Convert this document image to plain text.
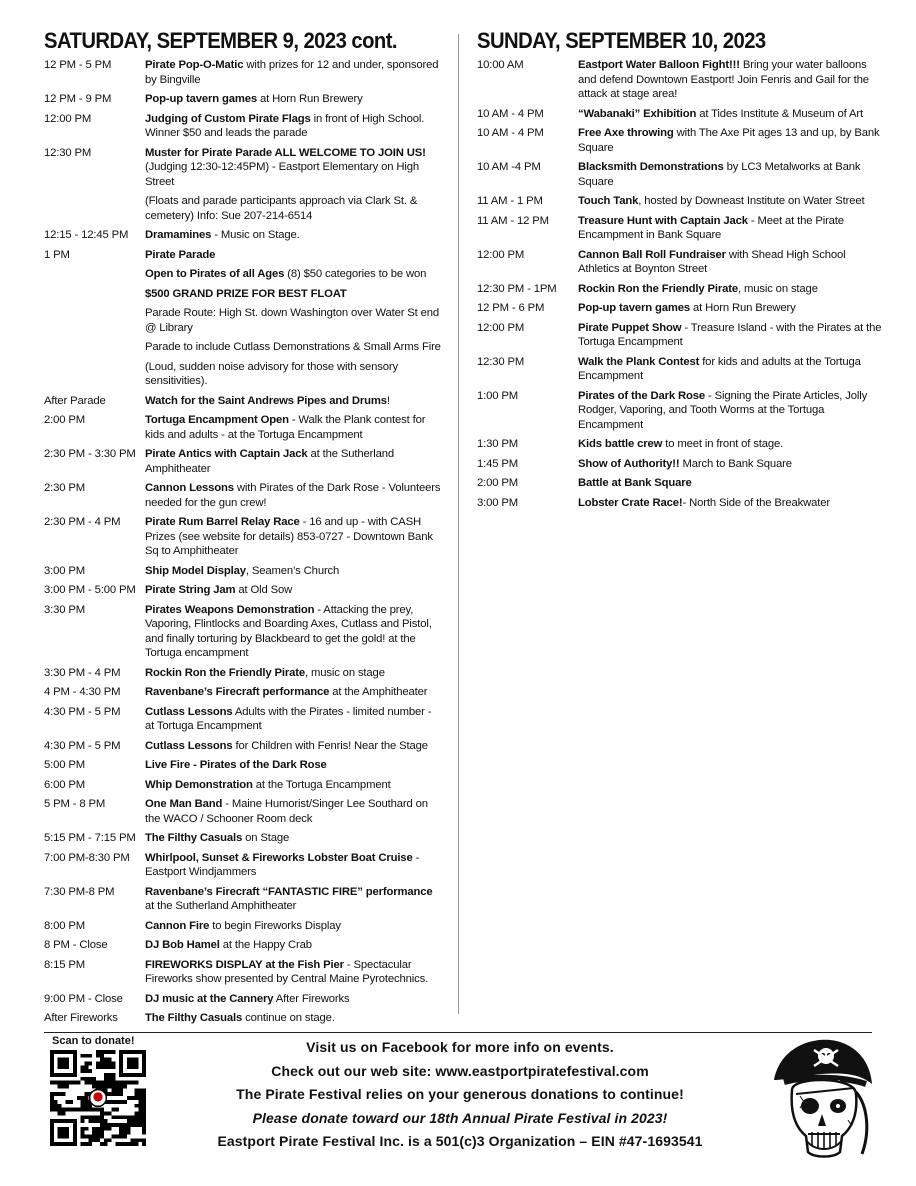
SATURDAY, SEPTEMBER 9, 2023 cont.
12 PM - 5 PM	Pirate Pop-O-Matic with prizes for 12 and under, sponsored by Bingville
12 PM - 9 PM	Pop-up tavern games at Horn Run Brewery
12:00 PM	Judging of Custom Pirate Flags in front of High School. Winner $50 and leads the parade
12:30 PM	Muster for Pirate Parade ALL WELCOME TO JOIN US! (Judging 12:30-12:45PM) - Eastport Elementary on High Street
(Floats and parade participants approach via Clark St. & cemetery) Info: Sue 207-214-6514
12:15 - 12:45 PM	Dramamines - Music on Stage.
1 PM	Pirate Parade
Open to Pirates of all Ages (8) $50 categories to be won
$500 GRAND PRIZE FOR BEST FLOAT
Parade Route: High St. down Washington over Water St end @ Library
Parade to include Cutlass Demonstrations & Small Arms Fire
(Loud, sudden noise advisory for those with sensory sensitivities).
After Parade	Watch for the Saint Andrews Pipes and Drums!
2:00 PM	Tortuga Encampment Open - Walk the Plank contest for kids and adults - at the Tortuga Encampment
2:30 PM - 3:30 PM Pirate Antics with Captain Jack at the Sutherland Amphitheater
2:30 PM	Cannon Lessons with Pirates of the Dark Rose - Volunteers needed for the gun crew!
2:30 PM - 4 PM	Pirate Rum Barrel Relay Race - 16 and up - with CASH Prizes (see website for details) 853-0727 - Downtown Bank Sq to Amphitheater
3:00 PM	Ship Model Display, Seamen’s Church
3:00 PM - 5:00 PM Pirate String Jam at Old Sow
3:30 PM	Pirates Weapons Demonstration - Attacking the prey, Vaporing, Flintlocks and Boarding Axes, Cutlass and Pistol, and finally torturing by Blackbeard to get the gold! at the Tortuga encampment
3:30 PM - 4 PM	Rockin Ron the Friendly Pirate, music on stage
4 PM - 4:30 PM	Ravenbane’s Firecraft performance at the Amphitheater
4:30 PM - 5 PM	Cutlass Lessons Adults with the Pirates - limited number - at Tortuga Encampment
4:30 PM - 5 PM	Cutlass Lessons for Children with Fenris! Near the Stage
5:00 PM	Live Fire - Pirates of the Dark Rose
6:00 PM	Whip Demonstration at the Tortuga Encampment
5 PM - 8 PM	One Man Band - Maine Humorist/Singer Lee Southard on the WACO / Schooner Room deck
5:15 PM - 7:15 PM The Filthy Casuals on Stage
7:00 PM-8:30 PM	Whirlpool, Sunset & Fireworks Lobster Boat Cruise - Eastport Windjammers
7:30 PM-8 PM	Ravenbane’s Firecraft “FANTASTIC FIRE” performance at the Sutherland Amphitheater
8:00 PM	Cannon Fire to begin Fireworks Display
8 PM - Close	DJ Bob Hamel at the Happy Crab
8:15 PM	FIREWORKS DISPLAY at the Fish Pier - Spectacular Fireworks show presented by Central Maine Pyrotechnics.
9:00 PM - Close	DJ music at the Cannery After Fireworks
After Fireworks	The Filthy Casuals continue on stage.
SUNDAY, SEPTEMBER 10, 2023
10:00 AM	Eastport Water Balloon Fight!!! Bring your water balloons and defend Downtown Eastport! Join Fenris and Gail for the attack at stage area!
10 AM - 4 PM	“Wabanaki” Exhibition at Tides Institute & Museum of Art
10 AM - 4 PM	Free Axe throwing with The Axe Pit ages 13 and up, by Bank Square
10 AM -4 PM	Blacksmith Demonstrations by LC3 Metalworks at Bank Square
11 AM - 1 PM	Touch Tank, hosted by Downeast Institute on Water Street
11 AM - 12 PM	Treasure Hunt with Captain Jack - Meet at the Pirate Encampment in Bank Square
12:00 PM	Cannon Ball Roll Fundraiser with Shead High School Athletics at Boynton Street
12:30 PM - 1PM	Rockin Ron the Friendly Pirate, music on stage
12 PM - 6 PM	Pop-up tavern games at Horn Run Brewery
12:00 PM	Pirate Puppet Show - Treasure Island - with the Pirates at the Tortuga Encampment
12:30 PM	Walk the Plank Contest for kids and adults at the Tortuga Encampment
1:00 PM	Pirates of the Dark Rose - Signing the Pirate Articles, Jolly Rodger, Vaporing, and Tooth Worms at the Tortuga Encampment
1:30 PM	Kids battle crew to meet in front of stage.
1:45 PM	Show of Authority!! March to Bank Square
2:00 PM	Battle at Bank Square
3:00 PM	Lobster Crate Race!- North Side of the Breakwater
Scan to donate!	Visit us on Facebook for more info on events.
Check out our web site: www.eastportpiratefestival.com
The Pirate Festival relies on your generous donations to continue!
Please donate toward our 18th Annual Pirate Festival in 2023!
Eastport Pirate Festival Inc. is a 501(c)3 Organization – EIN #47-1693541
